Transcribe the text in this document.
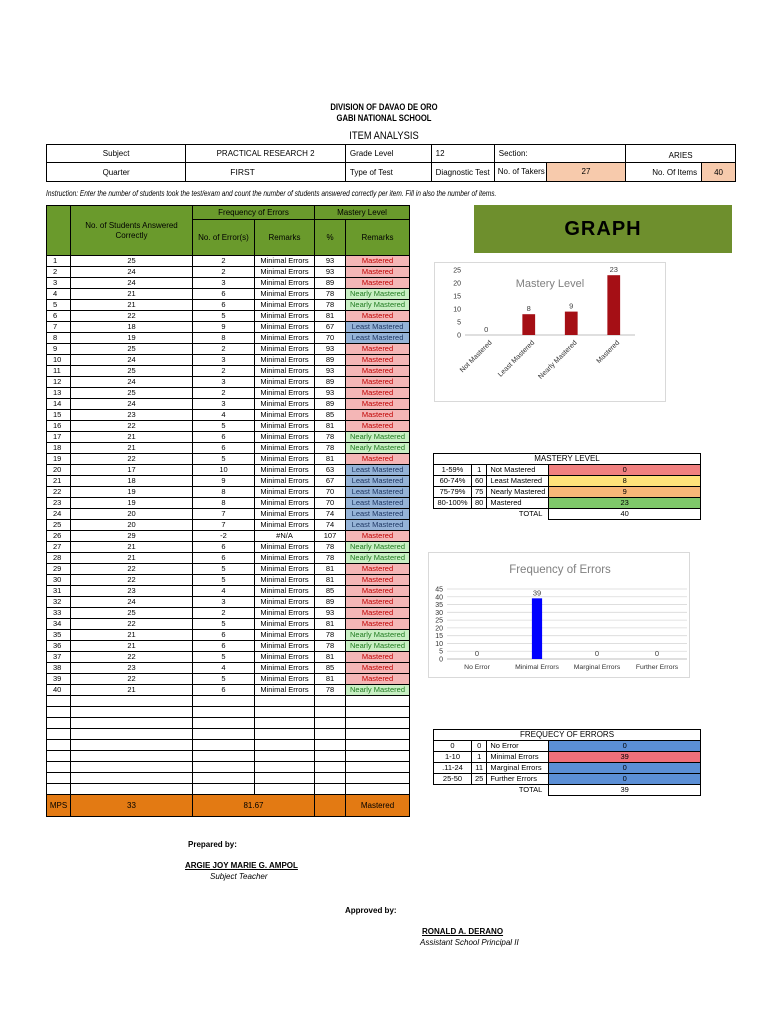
DIVISION OF DAVAO DE ORO
GABI NATIONAL SCHOOL
ITEM ANALYSIS
Subject	PRACTICAL RESEARCH 2	Grade Level	12	Section:	ARIES	
Quarter	FIRST	Type of Test	Diagnostic Test	No. of Takers 27	No. Of Items	40
Instruction: Enter the number of students took the test/exam and count the number of students answered correctly per item. Fill in also the number of items.
	No. of Students Answered Correctly	Frequency of Errors		Mastery Level	
		No. of Error(s)	Remarks	%	Remarks
1	25	2	Minimal Errors	93	Mastered
2	24	2	Minimal Errors	93	Mastered
3	24	3	Minimal Errors	89	Mastered
4	21	6	Minimal Errors	78	Nearly Mastered
5	21	6	Minimal Errors	78	Nearly Mastered
6	22	5	Minimal Errors	81	Mastered
7	18	9	Minimal Errors	67	Least Mastered
8	19	8	Minimal Errors	70	Least Mastered
9	25	2	Minimal Errors	93	Mastered
10	24	3	Minimal Errors	89	Mastered
11	25	2	Minimal Errors	93	Mastered
12	24	3	Minimal Errors	89	Mastered
13	25	2	Minimal Errors	93	Mastered
14	24	3	Minimal Errors	89	Mastered
15	23	4	Minimal Errors	85	Mastered
16	22	5	Minimal Errors	81	Mastered
17	21	6	Minimal Errors	78	Nearly Mastered
18	21	6	Minimal Errors	78	Nearly Mastered
19	22	5	Minimal Errors	81	Mastered
20	17	10	Minimal Errors	63	Least Mastered
21	18	9	Minimal Errors	67	Least Mastered
22	19	8	Minimal Errors	70	Least Mastered
23	19	8	Minimal Errors	70	Least Mastered
24	20	7	Minimal Errors	74	Least Mastered
25	20	7	Minimal Errors	74	Least Mastered
26	29	-2	#N/A	107	Mastered
27	21	6	Minimal Errors	78	Nearly Mastered
28	21	6	Minimal Errors	78	Nearly Mastered
29	22	5	Minimal Errors	81	Mastered
30	22	5	Minimal Errors	81	Mastered
31	23	4	Minimal Errors	85	Mastered
32	24	3	Minimal Errors	89	Mastered
33	25	2	Minimal Errors	93	Mastered
34	22	5	Minimal Errors	81	Mastered
35	21	6	Minimal Errors	78	Nearly Mastered
36	21	6	Minimal Errors	78	Nearly Mastered
37	22	5	Minimal Errors	81	Mastered
38	23	4	Minimal Errors	85	Mastered
39	22	5	Minimal Errors	81	Mastered
40	21	6	Minimal Errors	78	Nearly Mastered

MPS	33	81.67			Mastered
GRAPH
Mastery Level
0
5
10
15
20
25
0
Not Mastered
8
Least Mastered
9
Nearly Mastered
23
Mastered
MASTERY LEVEL			
1-59%	1	Not Mastered	0
60-74%	60	Least Mastered	8
75-79%	75	Nearly Mastered	9
80-100%	80	Mastered	23
TOTAL			40
Frequency of Errors
0
5
10
15
20
25
30
35
40
45
0
No Error
39
Minimal Errors
0
Marginal Errors
0
Further Errors
FREQUECY OF ERRORS			
0	0	No Error	0
1-10	1	Minimal Errors	39
.11-24	11	Marginal Errors	0
25-50	25	Further Errors	0
TOTAL			39
Prepared by:
ARGIE JOY MARIE G. AMPOL
Subject Teacher
Approved by:
RONALD A. DERANO
Assistant School Principal II
